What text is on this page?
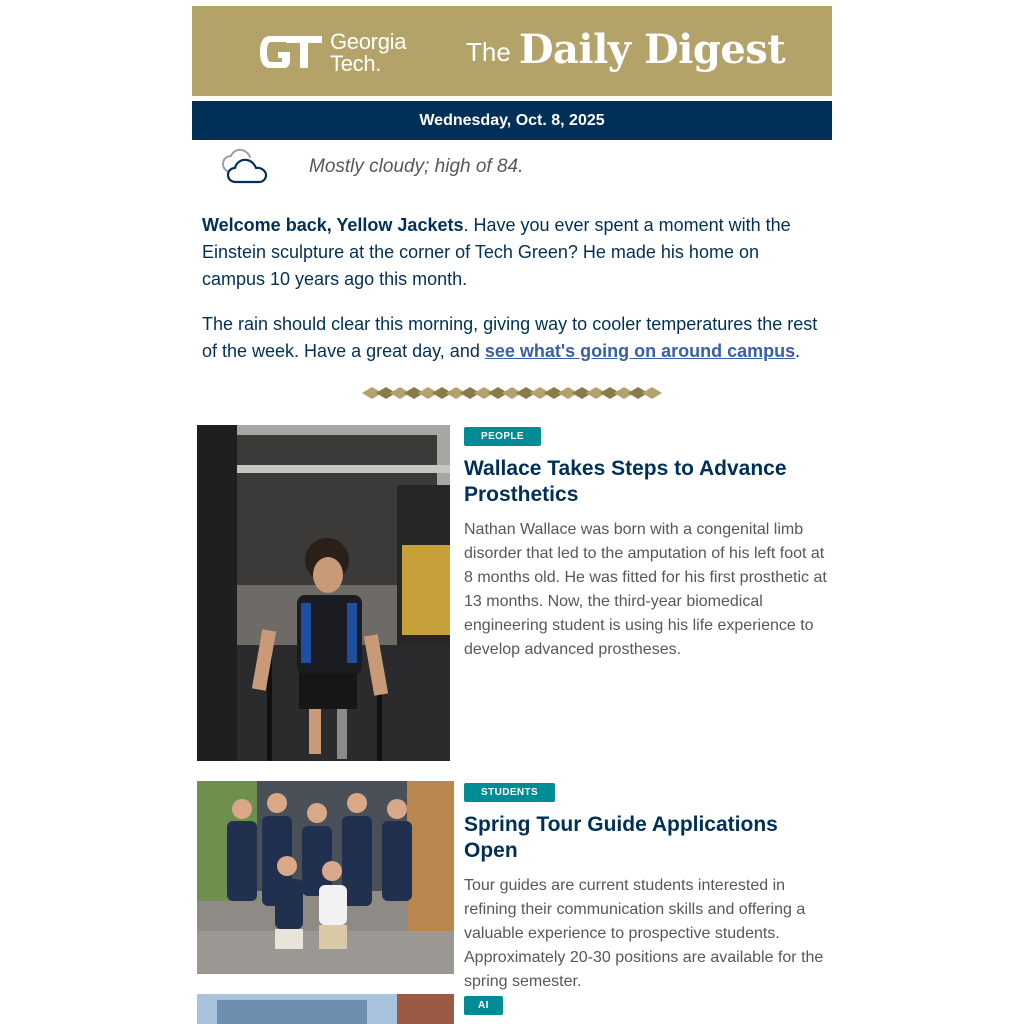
Georgia
Tech.	The Daily Digest
Wednesday, Oct. 8, 2025
Mostly cloudy; high of 84.

Welcome back, Yellow Jackets. Have you ever spent a moment with the Einstein sculpture at the corner of Tech Green? He made his home on campus 10 years ago this month.

The rain should clear this morning, giving way to cooler temperatures the rest of the week. Have a great day, and see what's going on around campus.

PEOPLE
Wallace Takes Steps to Advance Prosthetics

Nathan Wallace was born with a congenital limb disorder that led to the amputation of his left foot at 8 months old. He was fitted for his first prosthetic at 13 months. Now, the third-year biomedical engineering student is using his life experience to develop advanced prostheses.

STUDENTS
Spring Tour Guide Applications Open

Tour guides are current students interested in refining their communication skills and offering a valuable experience to prospective students. Approximately 20-30 positions are available for the spring semester.

AI
